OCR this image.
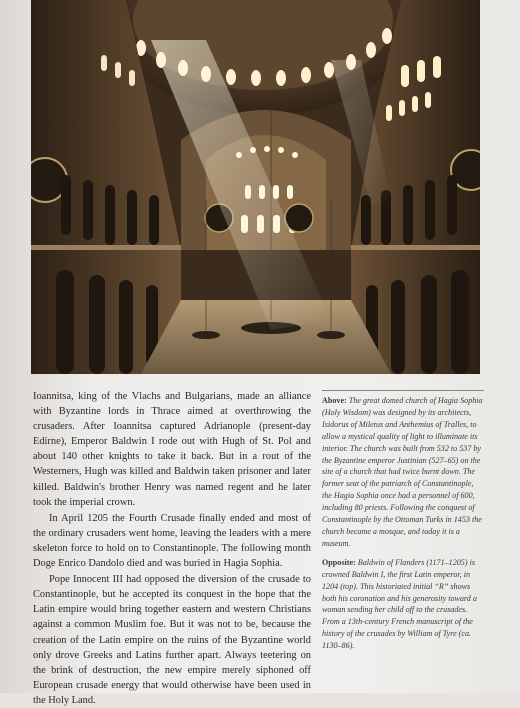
Ioannitsa, king of the Vlachs and Bulgarians, made an alliance with Byzantine lords in Thrace aimed at overthrowing the crusaders. After Ioannitsa captured Adrianople (present-day Edirne), Emperor Baldwin I rode out with Hugh of St. Pol and about 140 other knights to take it back. But in a rout of the Westerners, Hugh was killed and Baldwin taken prisoner and later killed. Baldwin's brother Henry was named regent and he later took the imperial crown.

In April 1205 the Fourth Crusade finally ended and most of the ordinary crusaders went home, leaving the leaders with a mere skeleton force to hold on to Constantinople. The following month Doge Enrico Dandolo died and was buried in Hagia Sophia.

Pope Innocent III had opposed the diversion of the crusade to Constantinople, but he accepted its conquest in the hope that the Latin empire would bring together eastern and western Christians against a common Muslim foe. But it was not to be, because the creation of the Latin empire on the ruins of the Byzantine world only drove Greeks and Latins further apart. Always teetering on the brink of destruction, the new empire merely siphoned off European crusade energy that would otherwise have been used in the Holy Land.

Above: The great domed church of Hagia Sophia (Holy Wisdom) was designed by its architects, Isidorus of Miletus and Anthemius of Tralles, to allow a mystical quality of light to illuminate its interior. The church was built from 532 to 537 by the Byzantine emperor Justinian (527–65) on the site of a church that had twice burnt down. The former seat of the patriarch of Constantinople, the Hagia Sophia once had a personnel of 600, including 80 priests. Following the conquest of Constantinople by the Ottoman Turks in 1453 the church became a mosque, and today it is a museum.

Opposite: Baldwin of Flanders (1171–1205) is crowned Baldwin I, the first Latin emperor, in 1204 (top). This historiated initial “R” shows both his coronation and his generosity toward a woman sending her child off to the crusades. From a 13th-century French manuscript of the history of the crusades by William of Tyre (ca. 1130–86).
